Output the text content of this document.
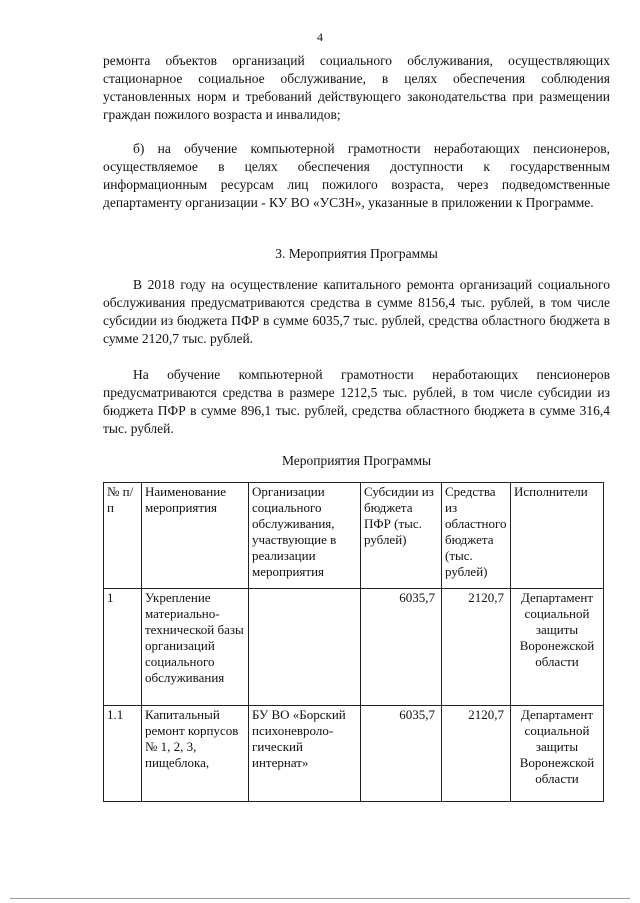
4

ремонта объектов организаций социального обслуживания, осуществляющих стационарное социальное обслуживание, в целях обеспечения соблюдения установленных норм и требований действующего законодательства при размещении граждан пожилого возраста и инвалидов;

б) на обучение компьютерной грамотности неработающих пенсионеров, осуществляемое в целях обеспечения доступности к государственным информационным ресурсам лиц пожилого возраста, через подведомственные департаменту организации - КУ ВО «УСЗН», указанные в приложении к Программе.

3. Мероприятия Программы

В 2018 году на осуществление капитального ремонта организаций социального обслуживания предусматриваются средства в сумме 8156,4 тыс. рублей, в том числе субсидии из бюджета ПФР в сумме 6035,7 тыс. рублей, средства областного бюджета в сумме 2120,7 тыс. рублей.

На обучение компьютерной грамотности неработающих пенсионеров предусматриваются средства в размере 1212,5 тыс. рублей, в том числе субсидии из бюджета ПФР в сумме 896,1 тыс. рублей, средства областного бюджета в сумме 316,4 тыс. рублей.

Мероприятия Программы
№ п/п	Наименование мероприятия	Организации социального обслуживания, участвующие в реализации мероприятия	Субсидии из бюджета ПФР (тыс. рублей)	Средства из областного бюджета (тыс. рублей)	Исполнители
1	Укрепление материально-технической базы организаций социального обслуживания		6035,7	2120,7	Департамент социальной защиты Воронежской области
1.1	Капитальный ремонт корпусов № 1, 2, 3, пищеблока,	БУ ВО «Борский психоневроло-гический интернат»	6035,7	2120,7	Департамент социальной защиты Воронежской области
